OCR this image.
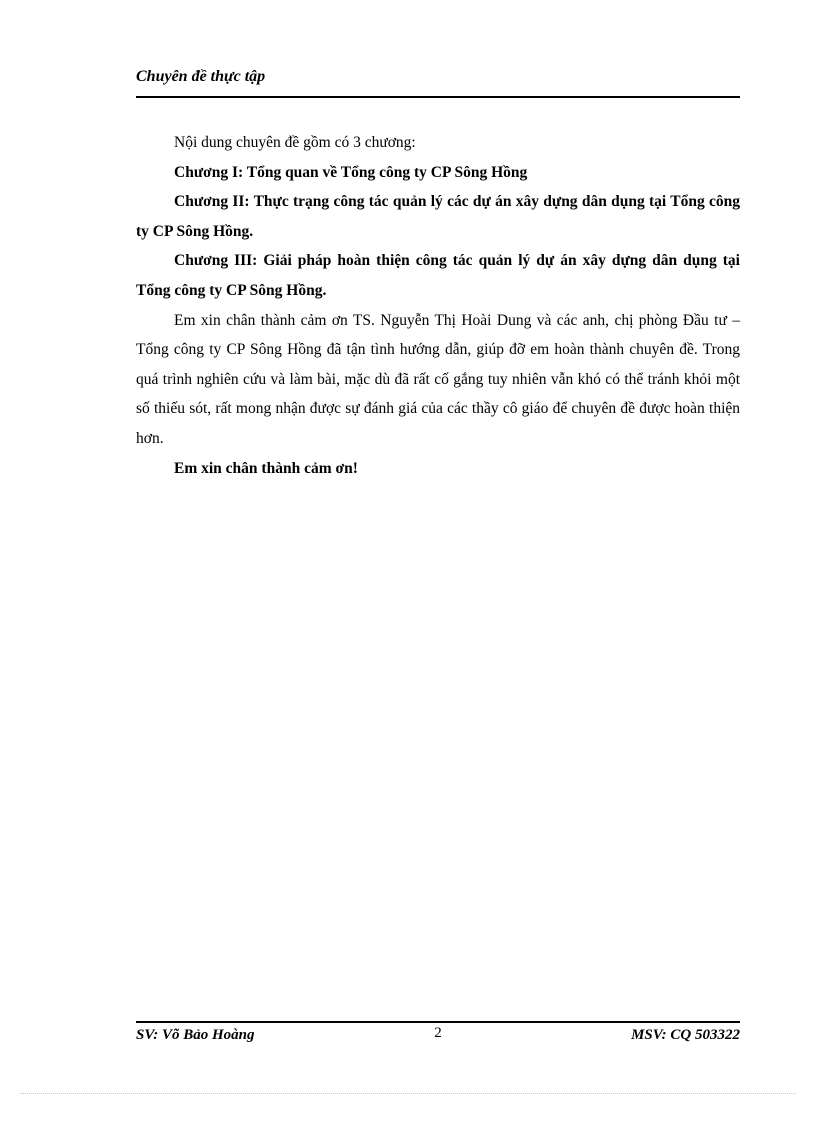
Chuyên đề thực tập

Nội dung chuyên đề gồm có 3 chương:

Chương I: Tổng quan về Tổng công ty CP Sông Hồng

Chương II: Thực trạng công tác quản lý các dự án xây dựng dân dụng tại Tổng công ty CP Sông Hồng.

Chương III: Giải pháp hoàn thiện công tác quản lý dự án xây dựng dân dụng tại Tổng công ty CP Sông Hồng.

Em xin chân thành cảm ơn TS. Nguyễn Thị Hoài Dung và các anh, chị phòng Đầu tư – Tổng công ty CP Sông Hồng đã tận tình hướng dẫn, giúp đỡ em hoàn thành chuyên đề. Trong quá trình nghiên cứu và làm bài, mặc dù đã rất cố gắng tuy nhiên vẫn khó có thể tránh khỏi một số thiếu sót, rất mong nhận được sự đánh giá của các thầy cô giáo để chuyên đề được hoàn thiện hơn.

Em xin chân thành cảm ơn!

SV: Võ Bảo Hoàng	2	MSV: CQ 503322
